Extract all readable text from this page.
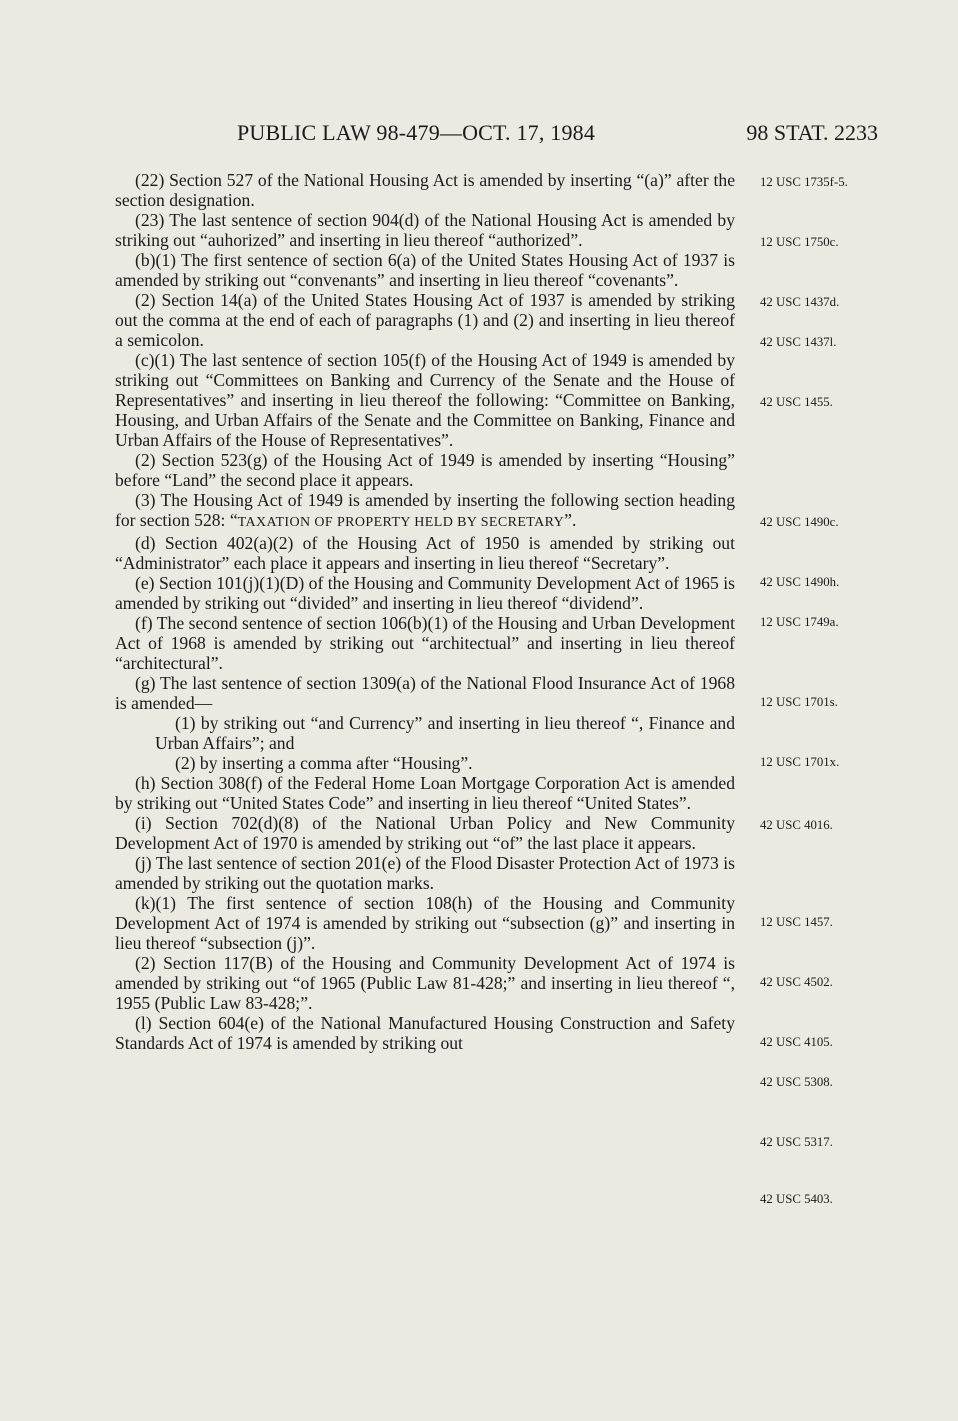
PUBLIC LAW 98-479—OCT. 17, 1984	98 STAT. 2233

(22) Section 527 of the National Housing Act is amended by inserting “(a)” after the section designation.

(23) The last sentence of section 904(d) of the National Housing Act is amended by striking out “auhorized” and inserting in lieu thereof “authorized”.

(b)(1) The first sentence of section 6(a) of the United States Housing Act of 1937 is amended by striking out “convenants” and inserting in lieu thereof “covenants”.

(2) Section 14(a) of the United States Housing Act of 1937 is amended by striking out the comma at the end of each of paragraphs (1) and (2) and inserting in lieu thereof a semicolon.

(c)(1) The last sentence of section 105(f) of the Housing Act of 1949 is amended by striking out “Committees on Banking and Currency of the Senate and the House of Representatives” and inserting in lieu thereof the following: “Committee on Banking, Housing, and Urban Affairs of the Senate and the Committee on Banking, Finance and Urban Affairs of the House of Representatives”.

(2) Section 523(g) of the Housing Act of 1949 is amended by inserting “Housing” before “Land” the second place it appears.

(3) The Housing Act of 1949 is amended by inserting the following section heading for section 528: “TAXATION OF PROPERTY HELD BY SECRETARY”.

(d) Section 402(a)(2) of the Housing Act of 1950 is amended by striking out “Administrator” each place it appears and inserting in lieu thereof “Secretary”.

(e) Section 101(j)(1)(D) of the Housing and Community Development Act of 1965 is amended by striking out “divided” and inserting in lieu thereof “dividend”.

(f) The second sentence of section 106(b)(1) of the Housing and Urban Development Act of 1968 is amended by striking out “architectual” and inserting in lieu thereof “architectural”.

(g) The last sentence of section 1309(a) of the National Flood Insurance Act of 1968 is amended—

(1) by striking out “and Currency” and inserting in lieu thereof “, Finance and Urban Affairs”; and

(2) by inserting a comma after “Housing”.

(h) Section 308(f) of the Federal Home Loan Mortgage Corporation Act is amended by striking out “United States Code” and inserting in lieu thereof “United States”.

(i) Section 702(d)(8) of the National Urban Policy and New Community Development Act of 1970 is amended by striking out “of” the last place it appears.

(j) The last sentence of section 201(e) of the Flood Disaster Protection Act of 1973 is amended by striking out the quotation marks.

(k)(1) The first sentence of section 108(h) of the Housing and Community Development Act of 1974 is amended by striking out “subsection (g)” and inserting in lieu thereof “subsection (j)”.

(2) Section 117(B) of the Housing and Community Development Act of 1974 is amended by striking out “of 1965 (Public Law 81-428;” and inserting in lieu thereof “, 1955 (Public Law 83-428;”.

(l) Section 604(e) of the National Manufactured Housing Construction and Safety Standards Act of 1974 is amended by striking out

12 USC 1735f-5.
12 USC 1750c.
42 USC 1437d.
42 USC 1437l.
42 USC 1455.
42 USC 1490c.
42 USC 1490h.
12 USC 1749a.
12 USC 1701s.
12 USC 1701x.
42 USC 4016.
12 USC 1457.
42 USC 4502.
42 USC 4105.
42 USC 5308.
42 USC 5317.
42 USC 5403.
